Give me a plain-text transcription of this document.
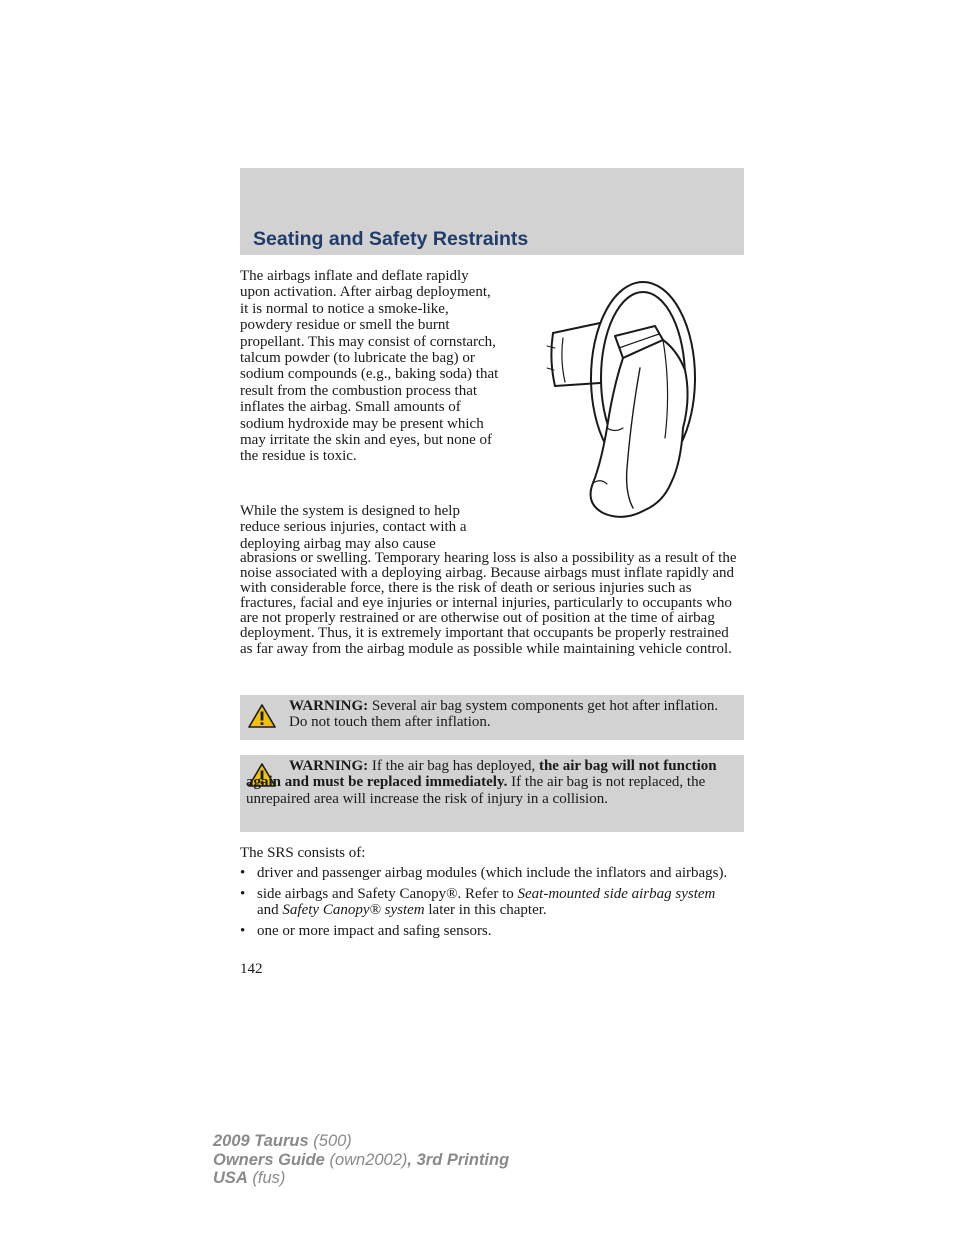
Seating and Safety Restraints

The airbags inflate and deflate rapidly upon activation. After airbag deployment, it is normal to notice a smoke-like, powdery residue or smell the burnt propellant. This may consist of cornstarch, talcum powder (to lubricate the bag) or sodium compounds (e.g., baking soda) that result from the combustion process that inflates the airbag. Small amounts of sodium hydroxide may be present which may irritate the skin and eyes, but none of the residue is toxic.

While the system is designed to help reduce serious injuries, contact with a deploying airbag may also cause

abrasions or swelling. Temporary hearing loss is also a possibility as a result of the noise associated with a deploying airbag. Because airbags must inflate rapidly and with considerable force, there is the risk of death or serious injuries such as fractures, facial and eye injuries or internal injuries, particularly to occupants who are not properly restrained or are otherwise out of position at the time of airbag deployment. Thus, it is extremely important that occupants be properly restrained as far away from the airbag module as possible while maintaining vehicle control.

WARNING: Several air bag system components get hot after inflation. Do not touch them after inflation.

WARNING: If the air bag has deployed, the air bag will not function again and must be replaced immediately. If the air bag is not replaced, the unrepaired area will increase the risk of injury in a collision.

The SRS consists of:

• driver and passenger airbag modules (which include the inflators and airbags).
• side airbags and Safety Canopy®. Refer to Seat-mounted side airbag system and Safety Canopy® system later in this chapter.
• one or more impact and safing sensors.

142

2009 Taurus (500)
Owners Guide (own2002), 3rd Printing
USA (fus)
